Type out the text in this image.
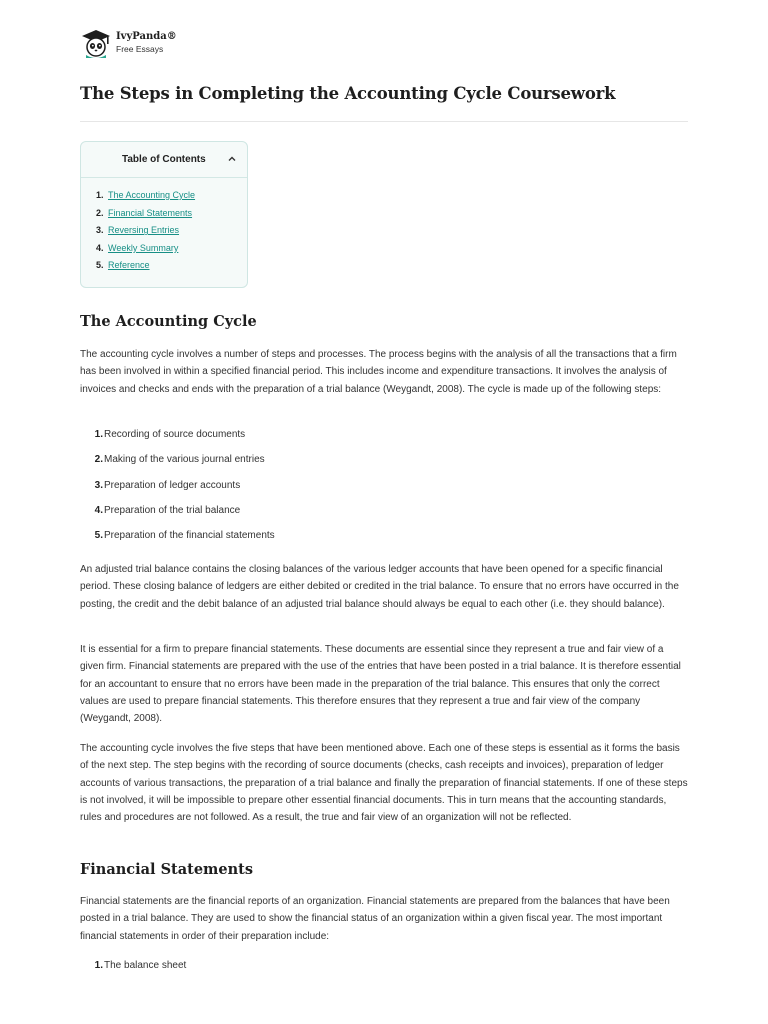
IvyPanda®
Free Essays
The Steps in Completing the Accounting Cycle Coursework
Table of Contents
1. The Accounting Cycle
2. Financial Statements
3. Reversing Entries
4. Weekly Summary
5. Reference
The Accounting Cycle

The accounting cycle involves a number of steps and processes. The process begins with the analysis of all the transactions that a firm has been involved in within a specified financial period. This includes income and expenditure transactions. It involves the analysis of invoices and checks and ends with the preparation of a trial balance (Weygandt, 2008). The cycle is made up of the following steps:

1. Recording of source documents
2. Making of the various journal entries
3. Preparation of ledger accounts
4. Preparation of the trial balance
5. Preparation of the financial statements

An adjusted trial balance contains the closing balances of the various ledger accounts that have been opened for a specific financial period. These closing balance of ledgers are either debited or credited in the trial balance. To ensure that no errors have occurred in the posting, the credit and the debit balance of an adjusted trial balance should always be equal to each other (i.e. they should balance).

It is essential for a firm to prepare financial statements. These documents are essential since they represent a true and fair view of a given firm. Financial statements are prepared with the use of the entries that have been posted in a trial balance. It is therefore essential for an accountant to ensure that no errors have been made in the preparation of the trial balance. This ensures that only the correct values are used to prepare financial statements. This therefore ensures that they represent a true and fair view of the company (Weygandt, 2008).

The accounting cycle involves the five steps that have been mentioned above. Each one of these steps is essential as it forms the basis of the next step. The step begins with the recording of source documents (checks, cash receipts and invoices), preparation of ledger accounts of various transactions, the preparation of a trial balance and finally the preparation of financial statements. If one of these steps is not involved, it will be impossible to prepare other essential financial documents. This in turn means that the accounting standards, rules and procedures are not followed. As a result, the true and fair view of an organization will not be reflected.

Financial Statements

Financial statements are the financial reports of an organization. Financial statements are prepared from the balances that have been posted in a trial balance. They are used to show the financial status of an organization within a given fiscal year. The most important financial statements in order of their preparation include:

1. The balance sheet
